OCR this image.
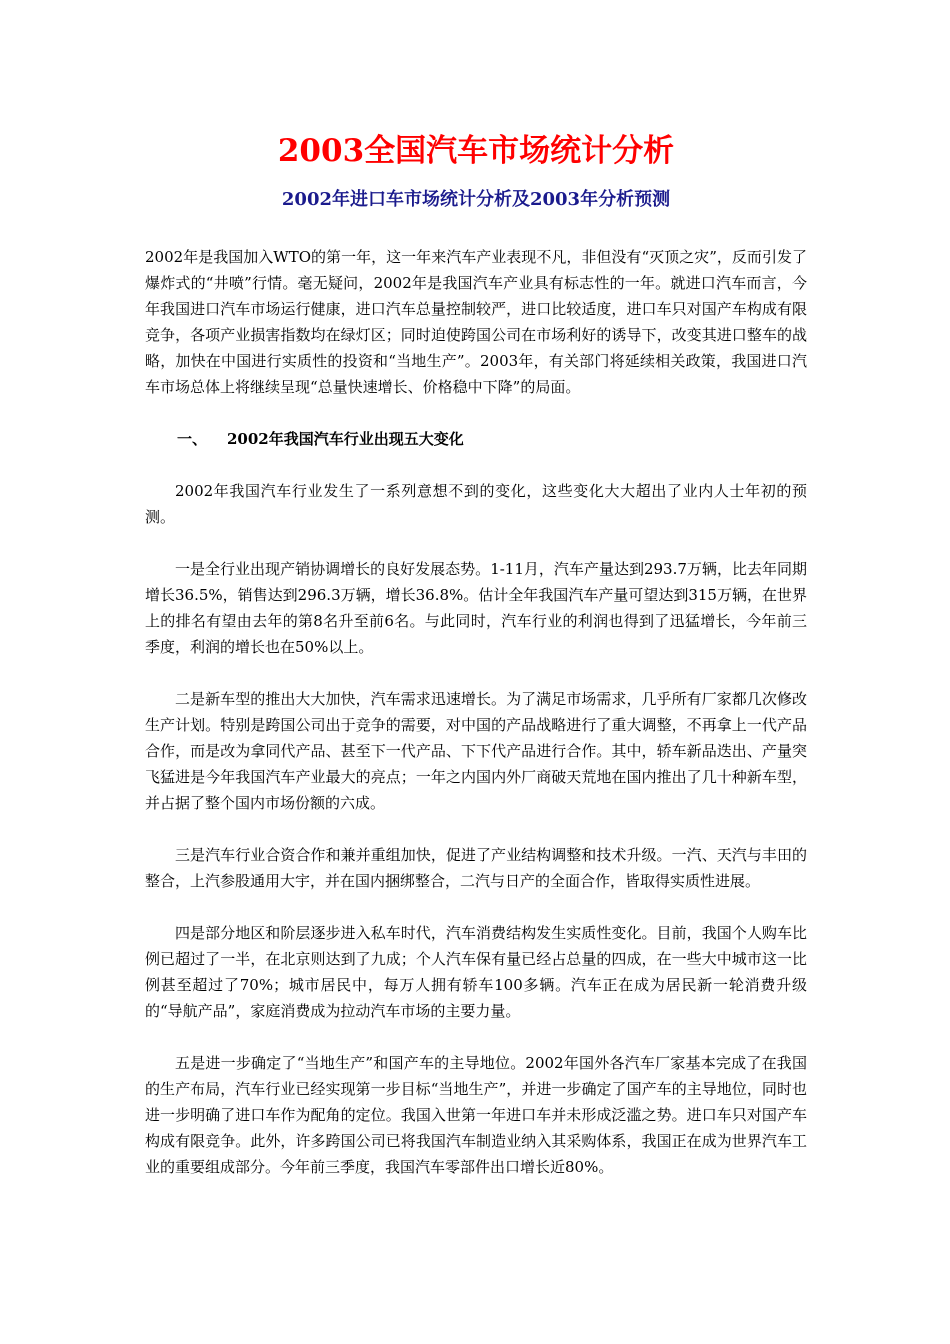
2003全国汽车市场统计分析
2002年进口车市场统计分析及2003年分析预测

2002年是我国加入WTO的第一年，这一年来汽车产业表现不凡，非但没有“灭顶之灾”，反而引发了爆炸式的“井喷”行情。毫无疑问，2002年是我国汽车产业具有标志性的一年。就进口汽车而言，今年我国进口汽车市场运行健康，进口汽车总量控制较严，进口比较适度，进口车只对国产车构成有限竞争，各项产业损害指数均在绿灯区；同时迫使跨国公司在市场利好的诱导下，改变其进口整车的战略，加快在中国进行实质性的投资和“当地生产”。2003年，有关部门将延续相关政策，我国进口汽车市场总体上将继续呈现“总量快速增长、价格稳中下降”的局面。

一、 2002年我国汽车行业出现五大变化

2002年我国汽车行业发生了一系列意想不到的变化，这些变化大大超出了业内人士年初的预测。

一是全行业出现产销协调增长的良好发展态势。1-11月，汽车产量达到293.7万辆，比去年同期增长36.5%，销售达到296.3万辆，增长36.8%。估计全年我国汽车产量可望达到315万辆，在世界上的排名有望由去年的第8名升至前6名。与此同时，汽车行业的利润也得到了迅猛增长，今年前三季度，利润的增长也在50%以上。

二是新车型的推出大大加快，汽车需求迅速增长。为了满足市场需求，几乎所有厂家都几次修改生产计划。特别是跨国公司出于竞争的需要，对中国的产品战略进行了重大调整，不再拿上一代产品合作，而是改为拿同代产品、甚至下一代产品、下下代产品进行合作。其中，轿车新品迭出、产量突飞猛进是今年我国汽车产业最大的亮点；一年之内国内外厂商破天荒地在国内推出了几十种新车型，并占据了整个国内市场份额的六成。

三是汽车行业合资合作和兼并重组加快，促进了产业结构调整和技术升级。一汽、天汽与丰田的整合，上汽参股通用大宇，并在国内捆绑整合，二汽与日产的全面合作，皆取得实质性进展。

四是部分地区和阶层逐步进入私车时代，汽车消费结构发生实质性变化。目前，我国个人购车比例已超过了一半，在北京则达到了九成；个人汽车保有量已经占总量的四成，在一些大中城市这一比例甚至超过了70%；城市居民中，每万人拥有轿车100多辆。汽车正在成为居民新一轮消费升级的“导航产品”，家庭消费成为拉动汽车市场的主要力量。

五是进一步确定了“当地生产”和国产车的主导地位。2002年国外各汽车厂家基本完成了在我国的生产布局，汽车行业已经实现第一步目标“当地生产”，并进一步确定了国产车的主导地位，同时也进一步明确了进口车作为配角的定位。我国入世第一年进口车并未形成泛滥之势。进口车只对国产车构成有限竞争。此外，许多跨国公司已将我国汽车制造业纳入其采购体系，我国正在成为世界汽车工业的重要组成部分。今年前三季度，我国汽车零部件出口增长近80%。
